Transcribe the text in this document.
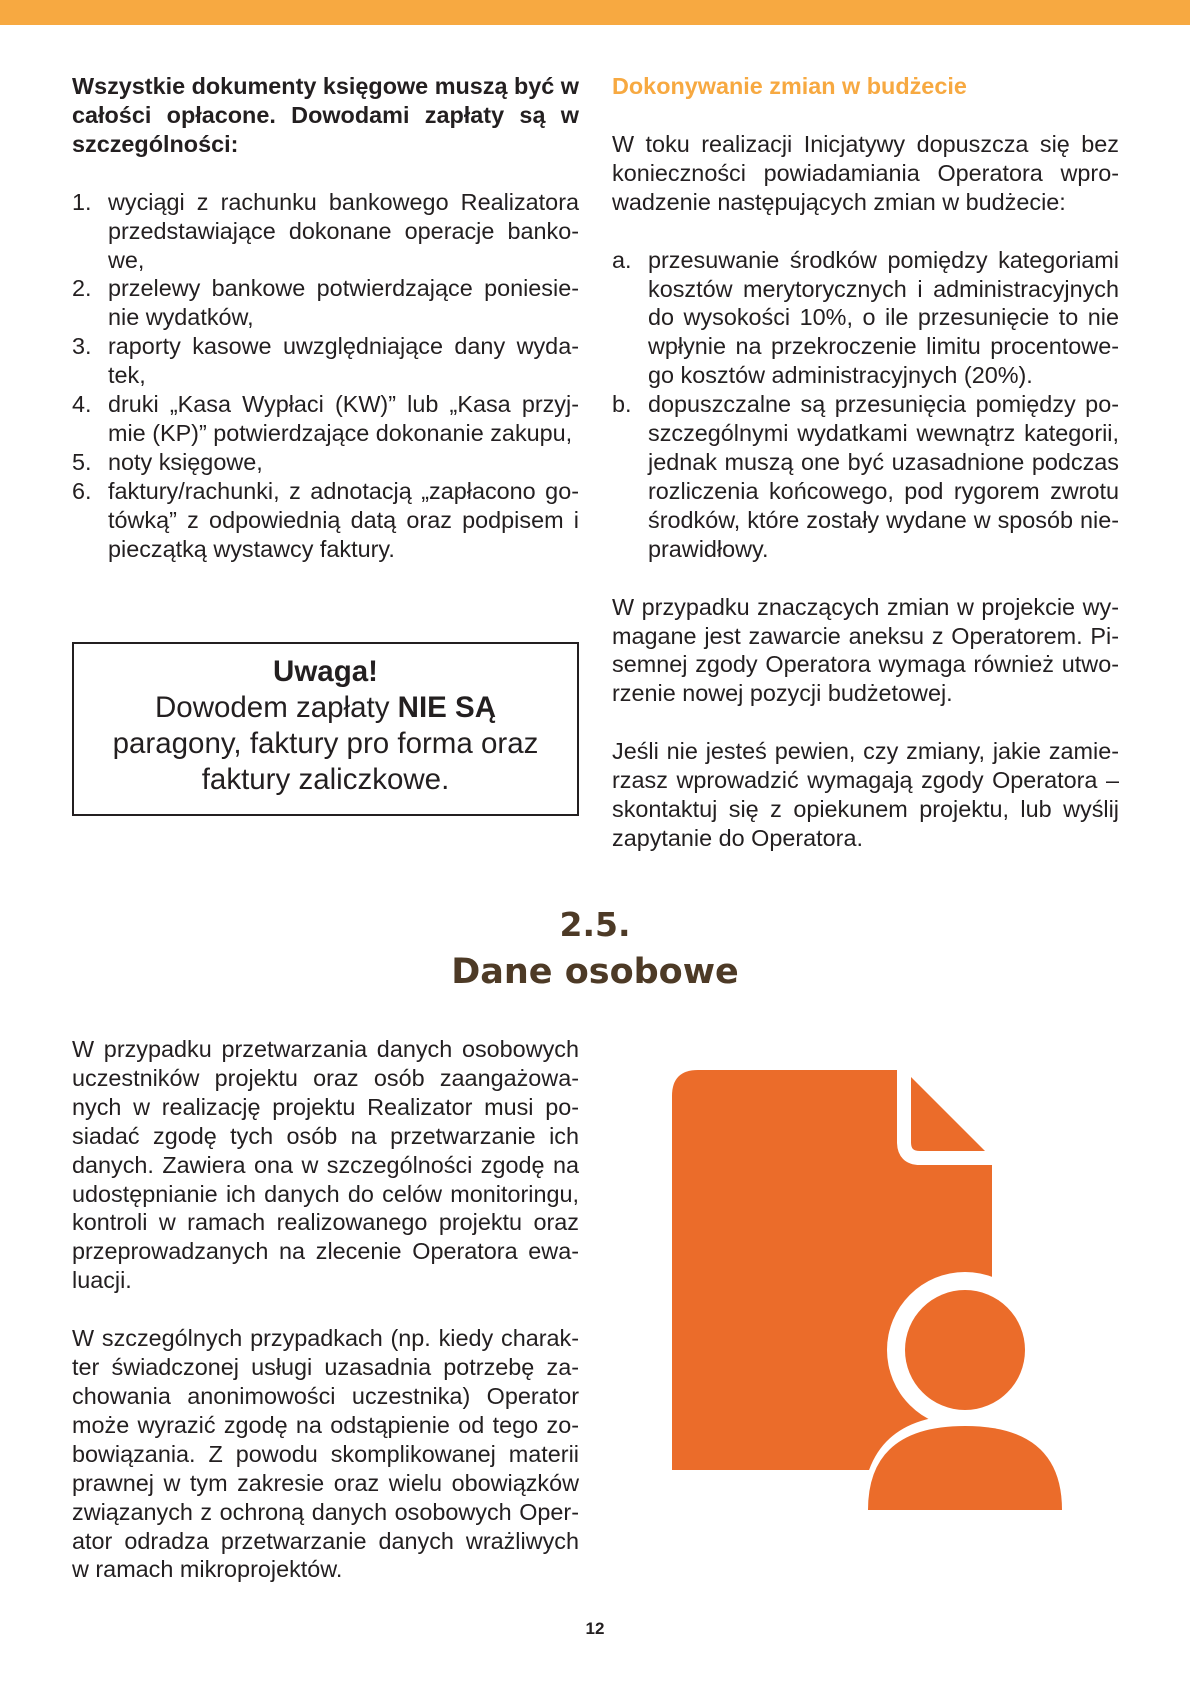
Wszystkie dokumenty księgowe muszą być w całości opłacone. Dowodami zapłaty są w szczególności:

1. wyciągi z rachunku bankowego Realizatora przedstawiające dokonane operacje banko-we,
2. przelewy bankowe potwierdzające poniesie-nie wydatków,
3. raporty kasowe uwzględniające dany wyda-tek,
4. druki „Kasa Wypłaci (KW)” lub „Kasa przyj-mie (KP)” potwierdzające dokonanie zakupu,
5. noty księgowe,
6. faktury/rachunki, z adnotacją „zapłacono go-tówką” z odpowiednią datą oraz podpisem i pieczątką wystawcy faktury.
Uwaga!
Dowodem zapłaty NIE SĄ
paragony, faktury pro forma oraz
faktury zaliczkowe.

Dokonywanie zmian w budżecie

W toku realizacji Inicjatywy dopuszcza się bez konieczności powiadamiania Operatora wpro-wadzenie następujących zmian w budżecie:

a. przesuwanie środków pomiędzy kategoriami kosztów merytorycznych i administracyjnych do wysokości 10%, o ile przesunięcie to nie wpłynie na przekroczenie limitu procentowe-go kosztów administracyjnych (20%).
b. dopuszczalne są przesunięcia pomiędzy po-szczególnymi wydatkami wewnątrz kategorii, jednak muszą one być uzasadnione podczas rozliczenia końcowego, pod rygorem zwrotu środków, które zostały wydane w sposób nie-prawidłowy.

W przypadku znaczących zmian w projekcie wy-magane jest zawarcie aneksu z Operatorem. Pi-semnej zgody Operatora wymaga również utwo-rzenie nowej pozycji budżetowej.

Jeśli nie jesteś pewien, czy zmiany, jakie zamie-rzasz wprowadzić wymagają zgody Operatora – skontaktuj się z opiekunem projektu, lub wyślij zapytanie do Operatora.

2.5.
Dane osobowe

W przypadku przetwarzania danych osobowych uczestników projektu oraz osób zaangażowa-nych w realizację projektu Realizator musi po-siadać zgodę tych osób na przetwarzanie ich danych. Zawiera ona w szczególności zgodę na udostępnianie ich danych do celów monitoringu, kontroli w ramach realizowanego projektu oraz przeprowadzanych na zlecenie Operatora ewa-luacji.

W szczególnych przypadkach (np. kiedy charak-ter świadczonej usługi uzasadnia potrzebę za-chowania anonimowości uczestnika) Operator może wyrazić zgodę na odstąpienie od tego zo-bowiązania. Z powodu skomplikowanej materii prawnej w tym zakresie oraz wielu obowiązków związanych z ochroną danych osobowych Oper-ator odradza przetwarzanie danych wrażliwych w ramach mikroprojektów.

12
